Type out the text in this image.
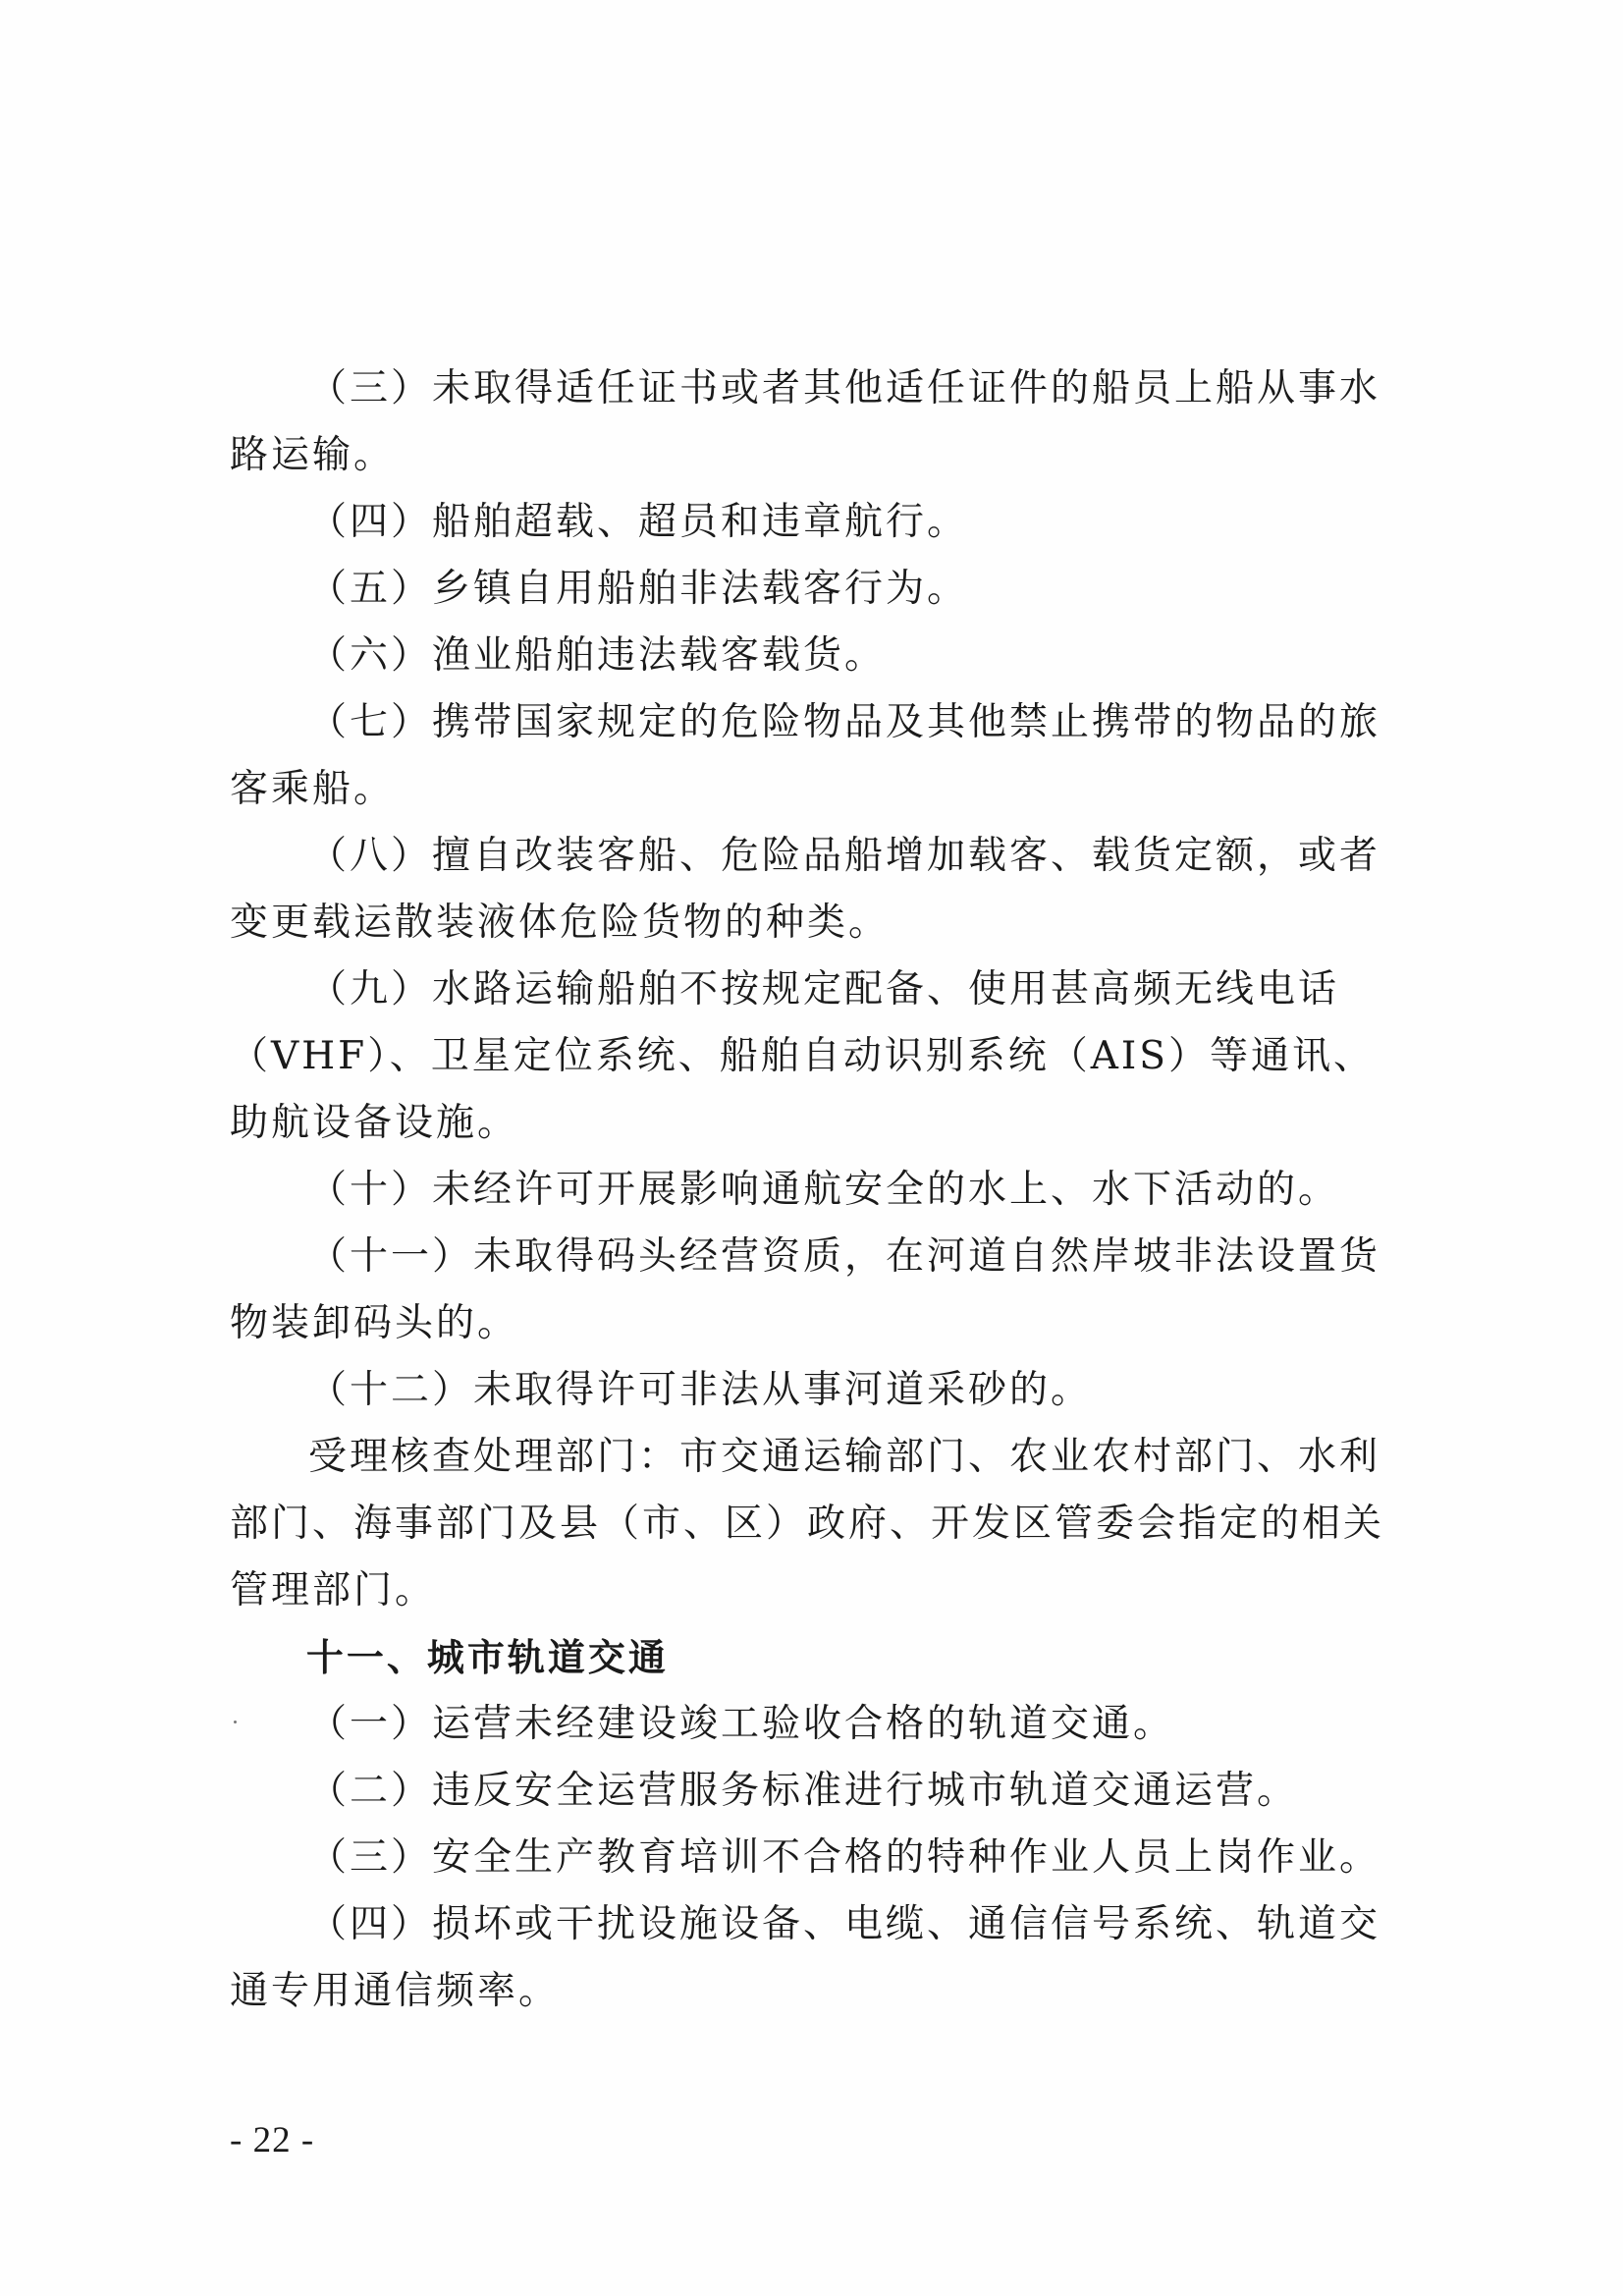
（三）未取得适任证书或者其他适任证件的船员上船从事水路运输。

（四）船舶超载、超员和违章航行。

（五）乡镇自用船舶非法载客行为。

（六）渔业船舶违法载客载货。

（七）携带国家规定的危险物品及其他禁止携带的物品的旅客乘船。

（八）擅自改装客船、危险品船增加载客、载货定额，或者变更载运散装液体危险货物的种类。

（九）水路运输船舶不按规定配备、使用甚高频无线电话（VHF）、卫星定位系统、船舶自动识别系统（AIS）等通讯、助航设备设施。

（十）未经许可开展影响通航安全的水上、水下活动的。

（十一）未取得码头经营资质，在河道自然岸坡非法设置货物装卸码头的。

（十二）未取得许可非法从事河道采砂的。

受理核查处理部门：市交通运输部门、农业农村部门、水利部门、海事部门及县（市、区）政府、开发区管委会指定的相关管理部门。

十一、城市轨道交通

（一）运营未经建设竣工验收合格的轨道交通。

（二）违反安全运营服务标准进行城市轨道交通运营。

（三）安全生产教育培训不合格的特种作业人员上岗作业。

（四）损坏或干扰设施设备、电缆、通信信号系统、轨道交通专用通信频率。

- 22 -
